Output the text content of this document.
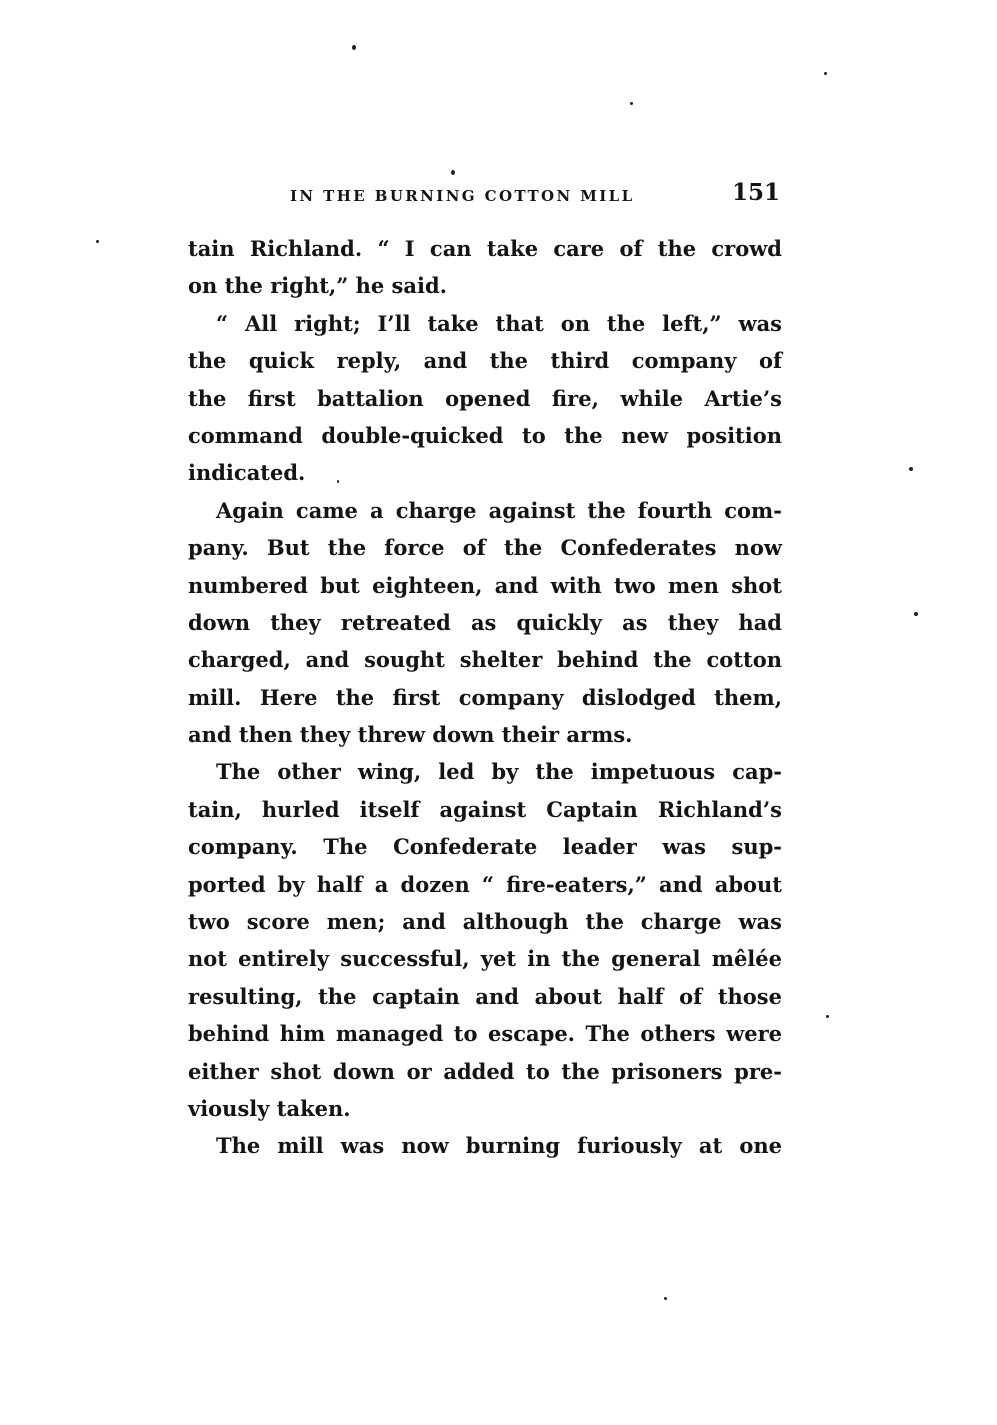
IN THE BURNING COTTON MILL	151
tain Richland. “ I can take care of the crowd
on the right,” he said.
“ All right; I’ll take that on the left,” was
the quick reply, and the third company of
the first battalion opened fire, while Artie’s
command double-quicked to the new position
indicated.
Again came a charge against the fourth com-
pany. But the force of the Confederates now
numbered but eighteen, and with two men shot
down they retreated as quickly as they had
charged, and sought shelter behind the cotton
mill. Here the first company dislodged them,
and then they threw down their arms.
The other wing, led by the impetuous cap-
tain, hurled itself against Captain Richland’s
company. The Confederate leader was sup-
ported by half a dozen “ fire-eaters,” and about
two score men; and although the charge was
not entirely successful, yet in the general mêlée
resulting, the captain and about half of those
behind him managed to escape. The others were
either shot down or added to the prisoners pre-
viously taken.
The mill was now burning furiously at one
